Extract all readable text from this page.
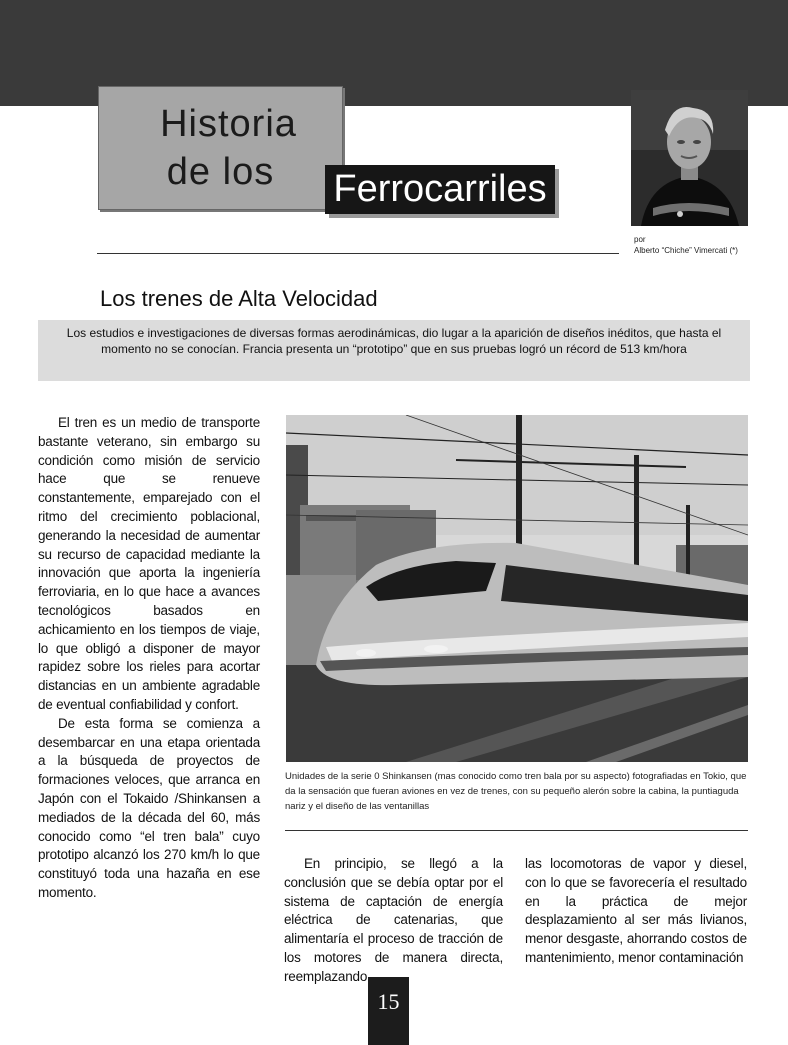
Historia
de los	Ferrocarriles
por
Alberto “Chiche” Vimercati (*)
Los trenes de Alta Velocidad

Los estudios e investigaciones de diversas formas aerodinámicas, dio lugar a la aparición de diseños inéditos, que hasta el momento no se conocían. Francia presenta un “prototipo” que en sus pruebas logró un récord de 513 km/hora

El tren es un medio de transporte bastante veterano, sin embargo su condición como misión de servicio hace que se renueve constantemente, emparejado con el ritmo del crecimiento poblacional, generando la necesidad de aumentar su recurso de capacidad mediante la innovación que aporta la ingeniería ferroviaria, en lo que hace a avances tecnológicos basados en achicamiento en los tiempos de viaje, lo que obligó a disponer de mayor rapidez sobre los rieles para acortar distancias en un ambiente agradable de eventual confiabilidad y confort.

De esta forma se comienza a desembarcar en una etapa orientada a la búsqueda de proyectos de formaciones veloces, que arranca en Japón con el Tokaido /Shinkansen a mediados de la década del 60, más conocido como “el tren bala” cuyo prototipo alcanzó los 270 km/h lo que constituyó toda una hazaña en ese momento.

Unidades de la serie 0 Shinkansen (mas conocido como tren bala por su aspecto) fotografiadas en Tokio, que da la sensación que fueran aviones en vez de trenes, con su pequeño alerón sobre la cabina, la puntiaguda nariz y el diseño de las ventanillas

En principio, se llegó a la conclusión que se debía optar por el sistema de captación de energía eléctrica de catenarias, que alimentaría el proceso de tracción de los motores de manera directa, reemplazando

las locomotoras de vapor y diesel, con lo que se favorecería el resultado en la práctica de mejor desplazamiento al ser más livianos, menor desgaste, ahorrando costos de mantenimiento, menor contaminación

15
